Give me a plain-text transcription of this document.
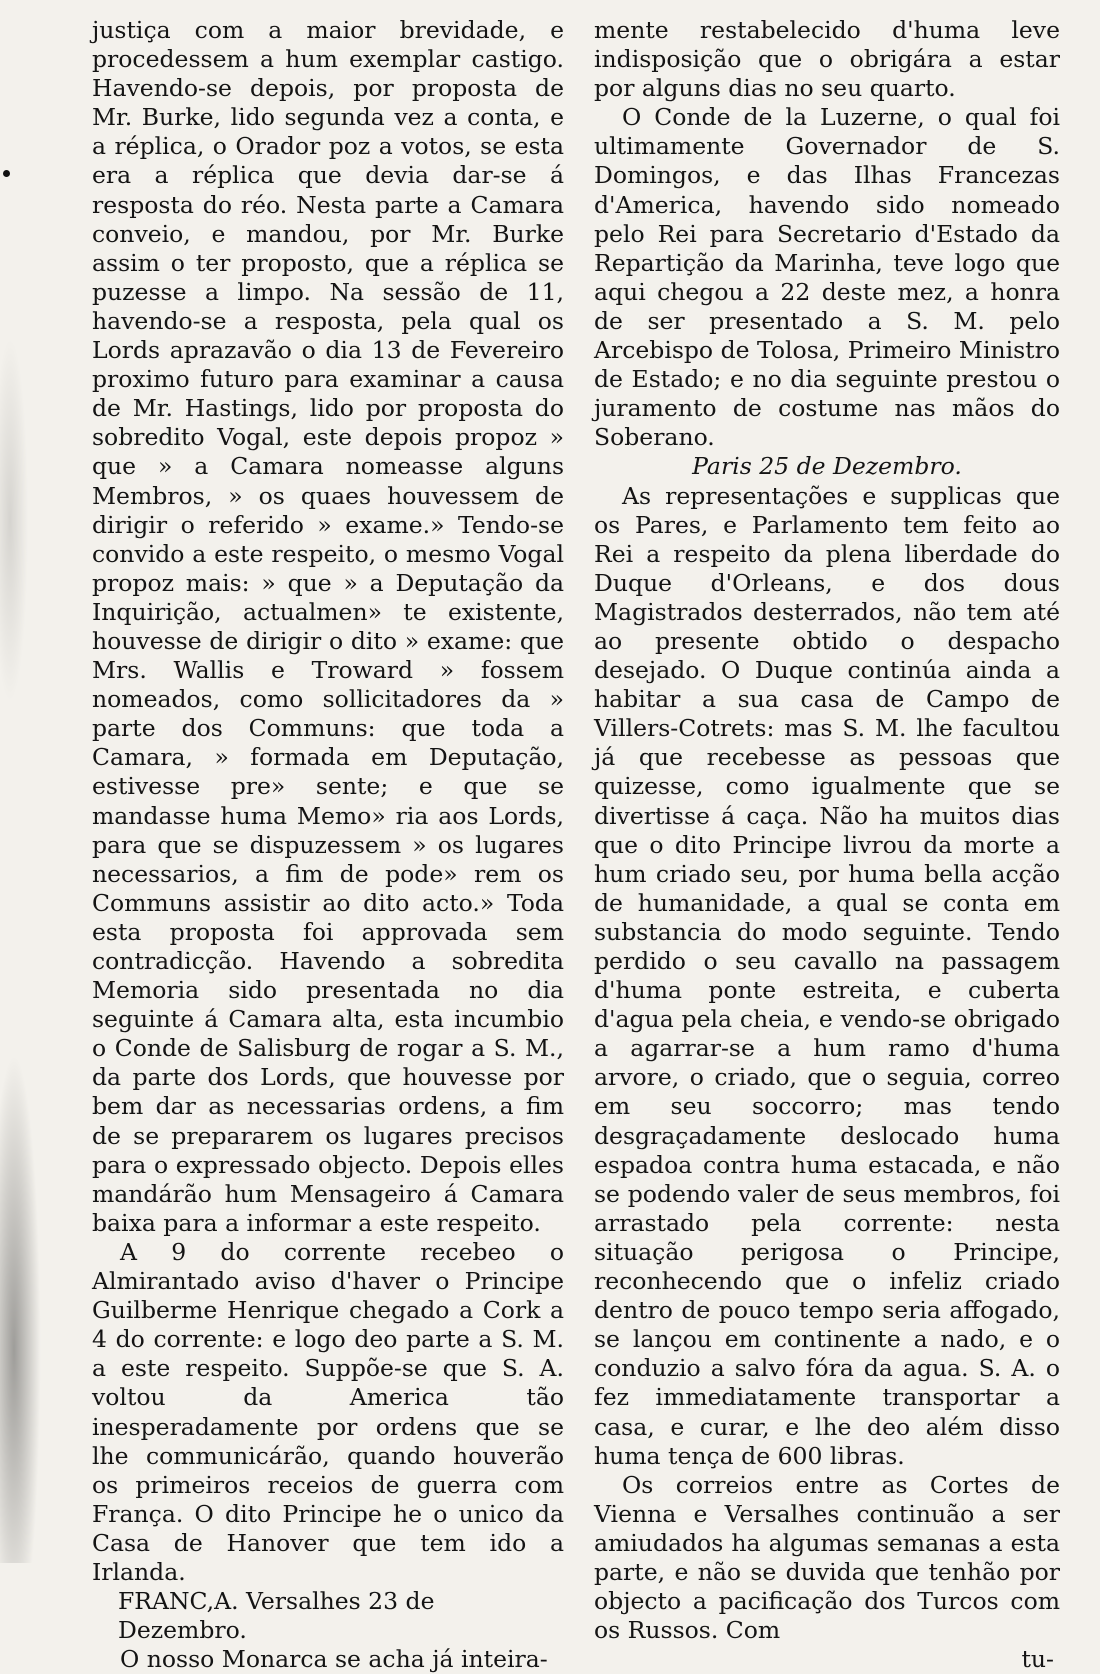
justiça com a maior brevidade, e procedessem a hum exemplar castigo. Havendo-se depois, por proposta de Mr. Burke, lido segunda vez a conta, e a réplica, o Orador poz a votos, se esta era a réplica que devia dar-se á resposta do réo. Nesta parte a Camara conveio, e mandou, por Mr. Burke assim o ter proposto, que a réplica se puzesse a limpo. Na sessão de 11, havendo-se a resposta, pela qual os Lords aprazavão o dia 13 de Fevereiro proximo futuro para examinar a causa de Mr. Hastings, lido por proposta do sobredito Vogal, este depois propoz » que » a Camara nomeasse alguns Membros, » os quaes houvessem de dirigir o referido » exame.» Tendo-se convido a este respeito, o mesmo Vogal propoz mais: » que » a Deputação da Inquirição, actualmen» te existente, houvesse de dirigir o dito » exame: que Mrs. Wallis e Troward » fossem nomeados, como sollicitadores da » parte dos Communs: que toda a Camara, » formada em Deputação, estivesse pre» sente; e que se mandasse huma Memo» ria aos Lords, para que se dispuzessem » os lugares necessarios, a fim de pode» rem os Communs assistir ao dito acto.» Toda esta proposta foi approvada sem contradicção. Havendo a sobredita Memoria sido presentada no dia seguinte á Camara alta, esta incumbio o Conde de Salisburg de rogar a S. M., da parte dos Lords, que houvesse por bem dar as necessarias ordens, a fim de se prepararem os lugares precisos para o expressado objecto. Depois elles mandárão hum Mensageiro á Camara baixa para a informar a este respeito.

A 9 do corrente recebeo o Almirantado aviso d'haver o Principe Guilberme Henrique chegado a Cork a 4 do corrente: e logo deo parte a S. M. a este respeito. Suppõe-se que S. A. voltou da America tão inesperadamente por ordens que se lhe communicárão, quando houverão os primeiros receios de guerra com França. O dito Principe he o unico da Casa de Hanover que tem ido a Irlanda.

FRANC,A. Versalhes 23 de Dezembro.

O nosso Monarca se acha já inteira-

mente restabelecido d'huma leve indisposição que o obrigára a estar por alguns dias no seu quarto.

O Conde de la Luzerne, o qual foi ultimamente Governador de S. Domingos, e das Ilhas Francezas d'America, havendo sido nomeado pelo Rei para Secretario d'Estado da Repartição da Marinha, teve logo que aqui chegou a 22 deste mez, a honra de ser presentado a S. M. pelo Arcebispo de Tolosa, Primeiro Ministro de Estado; e no dia seguinte prestou o juramento de costume nas mãos do Soberano.

Paris 25 de Dezembro.

As representações e supplicas que os Pares, e Parlamento tem feito ao Rei a respeito da plena liberdade do Duque d'Orleans, e dos dous Magistrados desterrados, não tem até ao presente obtido o despacho desejado. O Duque continúa ainda a habitar a sua casa de Campo de Villers-Cotrets: mas S. M. lhe facultou já que recebesse as pessoas que quizesse, como igualmente que se divertisse á caça. Não ha muitos dias que o dito Principe livrou da morte a hum criado seu, por huma bella acção de humanidade, a qual se conta em substancia do modo seguinte. Tendo perdido o seu cavallo na passagem d'huma ponte estreita, e cuberta d'agua pela cheia, e vendo-se obrigado a agarrar-se a hum ramo d'huma arvore, o criado, que o seguia, correo em seu soccorro; mas tendo desgraçadamente deslocado huma espadoa contra huma estacada, e não se podendo valer de seus membros, foi arrastado pela corrente: nesta situação perigosa o Principe, reconhecendo que o infeliz criado dentro de pouco tempo seria affogado, se lançou em continente a nado, e o conduzio a salvo fóra da agua. S. A. o fez immediatamente transportar a casa, e curar, e lhe deo além disso huma tença de 600 libras.

Os correios entre as Cortes de Vienna e Versalhes continuão a ser amiudados ha algumas semanas a esta parte, e não se duvida que tenhão por objecto a pacificação dos Turcos com os Russos. Com

tu-
